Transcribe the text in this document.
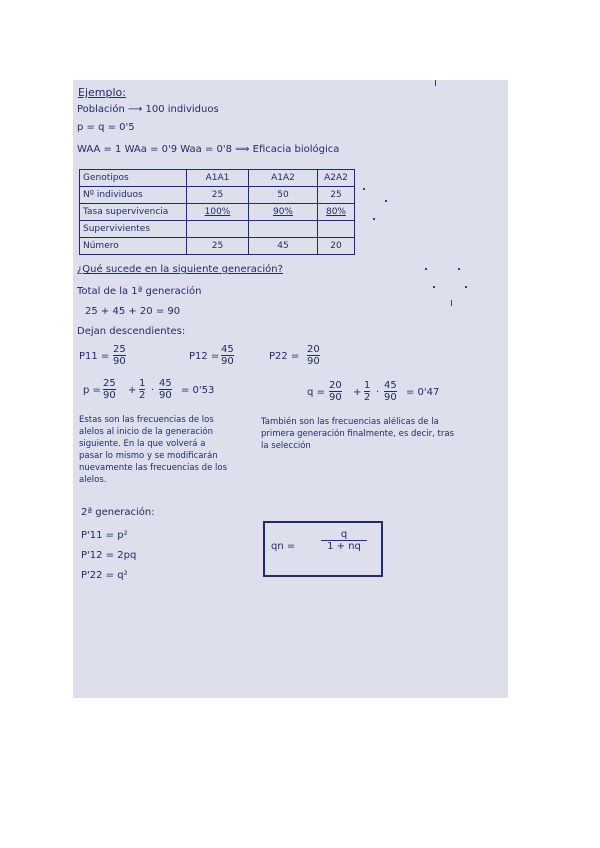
Ejemplo:
Población ⟶ 100 individuos
p = q = 0'5
WAA = 1 WAa = 0'9 Waa = 0'8 ⟹ Eficacia biológica
Genotipos	A1A1	A1A2	A2A2
Nº individuos	25	50	25
Tasa supervivencia	100%	90%	80%
Supervivientes			
Número	25	45	20
¿Qué sucede en la siguiente generación?
Total de la 1ª generación
25 + 45 + 20 = 90
Dejan descendientes:
P11 =
25
90	P12 =
45
90	P22 =
20
90
p =
25
90 +
1
2 ·
45
90 = 0'53	q =
20
90 +
1
2 ·
45
90 = 0'47
Estas son las frecuencias de los alelos al inicio de la generación siguiente. En la que volverá a pasar lo mismo y se modificarán nuevamente las frecuencias de los alelos.
También son las frecuencias alélicas de la primera generación finalmente, es decir, tras la selección
2ª generación:
P'11 = p²
P'12 = 2pq
P'22 = q²
qn =
q
1 + nq
